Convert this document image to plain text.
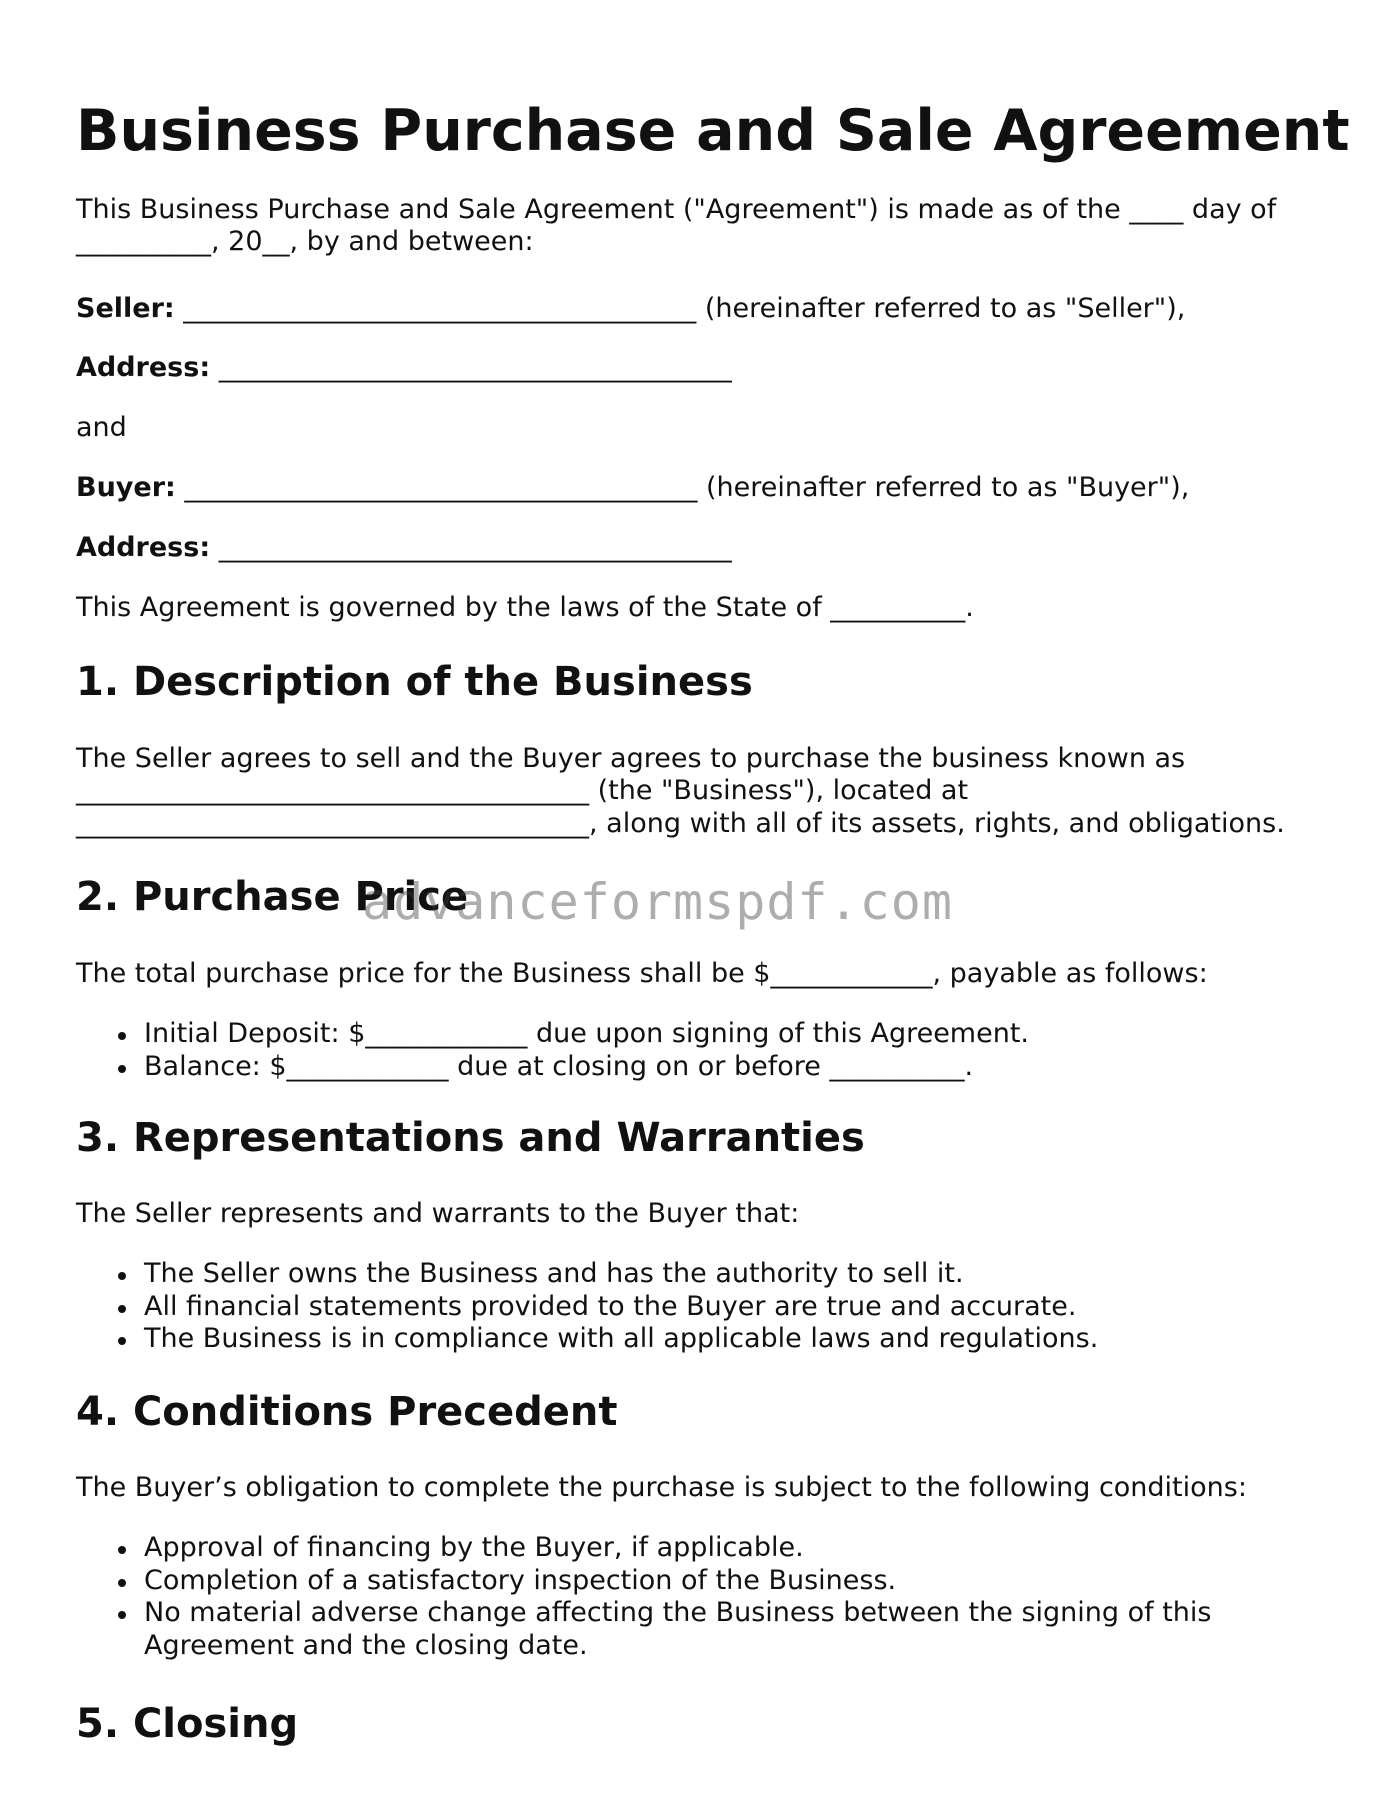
Business Purchase and Sale Agreement

This Business Purchase and Sale Agreement ("Agreement") is made as of the ____ day of

__________, 20__, by and between:

Seller: ______________________________________ (hereinafter referred to as "Seller"),

Address: ______________________________________

and

Buyer: ______________________________________ (hereinafter referred to as "Buyer"),

Address: ______________________________________

This Agreement is governed by the laws of the State of __________.

1. Description of the Business

The Seller agrees to sell and the Buyer agrees to purchase the business known as

______________________________________ (the "Business"), located at

______________________________________, along with all of its assets, rights, and obligations.

2. Purchase Price

The total purchase price for the Business shall be $____________, payable as follows:

Initial Deposit: $____________ due upon signing of this Agreement.
Balance: $____________ due at closing on or before __________.
3. Representations and Warranties

The Seller represents and warrants to the Buyer that:

The Seller owns the Business and has the authority to sell it.
All financial statements provided to the Buyer are true and accurate.
The Business is in compliance with all applicable laws and regulations.
4. Conditions Precedent

The Buyer’s obligation to complete the purchase is subject to the following conditions:

Approval of financing by the Buyer, if applicable.
Completion of a satisfactory inspection of the Business.
No material adverse change affecting the Business between the signing of this
Agreement and the closing date.
5. Closing
advanceformspdf.com
